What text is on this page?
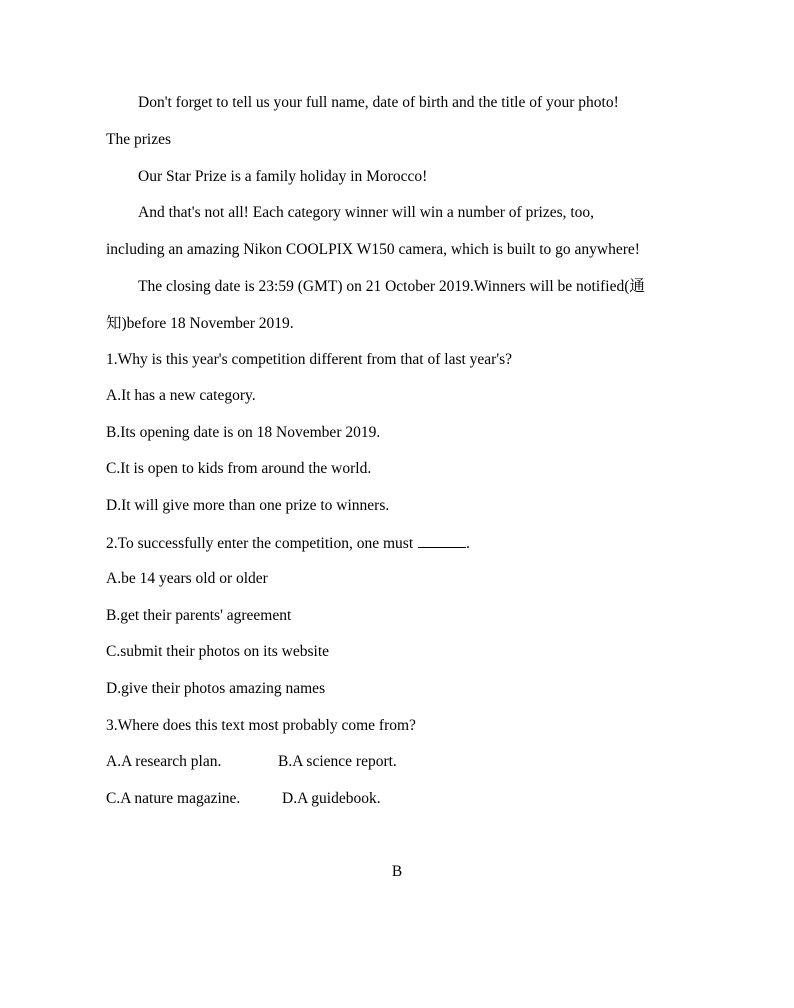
Don't forget to tell us your full name, date of birth and the title of your photo!
The prizes
Our Star Prize is a family holiday in Morocco!
And that's not all! Each category winner will win a number of prizes, too,
including an amazing Nikon COOLPIX W150 camera, which is built to go anywhere!
The closing date is 23:59 (GMT) on 21 October 2019.Winners will be notified(通
知)before 18 November 2019.
1.Why is this year's competition different from that of last year's?
A.It has a new category.
B.Its opening date is on 18 November 2019.
C.It is open to kids from around the world.
D.It will give more than one prize to winners.
2.To successfully enter the competition, one must	.
A.be 14 years old or older
B.get their parents' agreement
C.submit their photos on its website
D.give their photos amazing names
3.Where does this text most probably come from?
A.A research plan.	B.A science report.
C.A nature magazine.	D.A guidebook.
B
